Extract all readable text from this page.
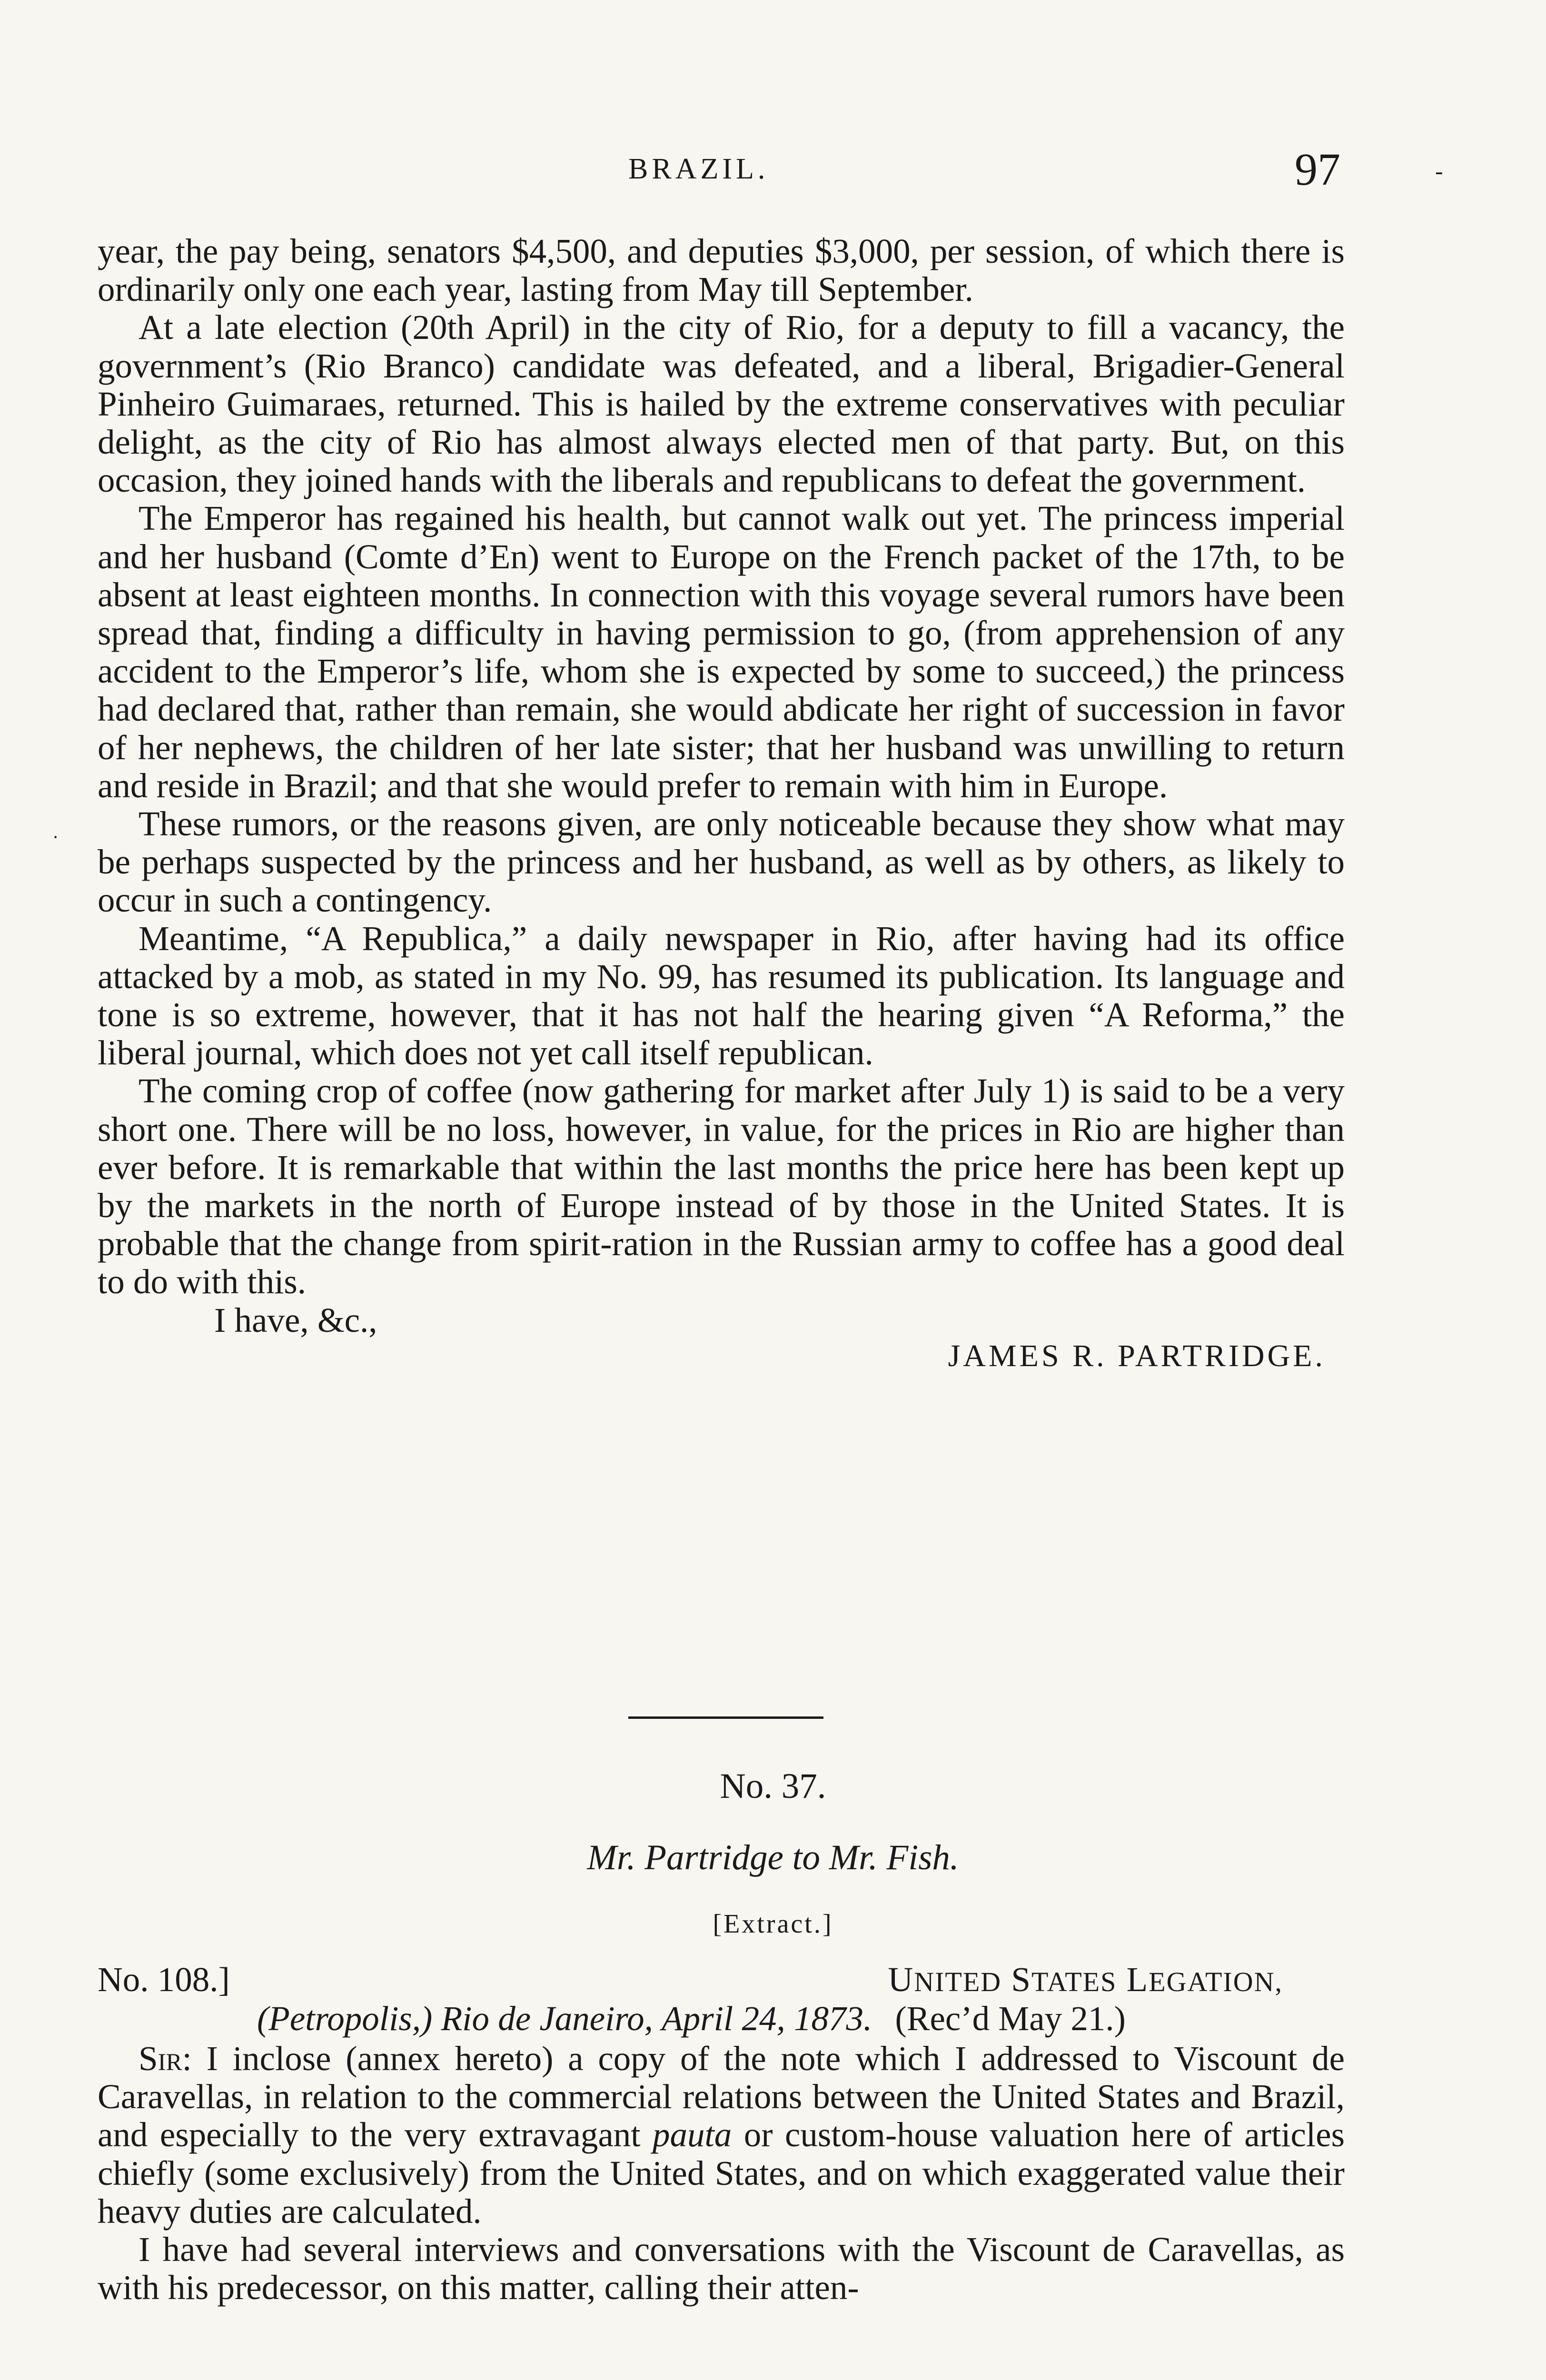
BRAZIL.	97

year, the pay being, senators $4,500, and deputies $3,000, per session, of which there is ordinarily only one each year, lasting from May till September.

At a late election (20th April) in the city of Rio, for a deputy to fill a vacancy, the government’s (Rio Branco) candidate was defeated, and a liberal, Brigadier-General Pinheiro Guimaraes, returned. This is hailed by the extreme conservatives with peculiar delight, as the city of Rio has almost always elected men of that party. But, on this occasion, they joined hands with the liberals and republicans to defeat the government.

The Emperor has regained his health, but cannot walk out yet. The princess imperial and her husband (Comte d’En) went to Europe on the French packet of the 17th, to be absent at least eighteen months. In connection with this voyage several rumors have been spread that, finding a difficulty in having permission to go, (from apprehension of any accident to the Emperor’s life, whom she is expected by some to succeed,) the princess had declared that, rather than remain, she would abdicate her right of succession in favor of her nephews, the children of her late sister; that her husband was unwilling to return and reside in Brazil; and that she would prefer to remain with him in Europe.

These rumors, or the reasons given, are only noticeable because they show what may be perhaps suspected by the princess and her husband, as well as by others, as likely to occur in such a contingency.

Meantime, “A Republica,” a daily newspaper in Rio, after having had its office attacked by a mob, as stated in my No. 99, has resumed its publication. Its language and tone is so extreme, however, that it has not half the hearing given “A Reforma,” the liberal journal, which does not yet call itself republican.

The coming crop of coffee (now gathering for market after July 1) is said to be a very short one. There will be no loss, however, in value, for the prices in Rio are higher than ever before. It is remarkable that within the last months the price here has been kept up by the markets in the north of Europe instead of by those in the United States. It is probable that the change from spirit-ration in the Russian army to coffee has a good deal to do with this.

I have, &c.,

JAMES R. PARTRIDGE.

No. 37.
Mr. Partridge to Mr. Fish.
[Extract.]
No. 108.]	UNITED STATES LEGATION,
(Petropolis,) Rio de Janeiro, April 24, 1873. (Rec’d May 21.)

Sir: I inclose (annex hereto) a copy of the note which I addressed to Viscount de Caravellas, in relation to the commercial relations between the United States and Brazil, and especially to the very extravagant pauta or custom-house valuation here of articles chiefly (some exclusively) from the United States, and on which exaggerated value their heavy duties are calculated.

I have had several interviews and conversations with the Viscount de Caravellas, as with his predecessor, on this matter, calling their atten-

-
·
